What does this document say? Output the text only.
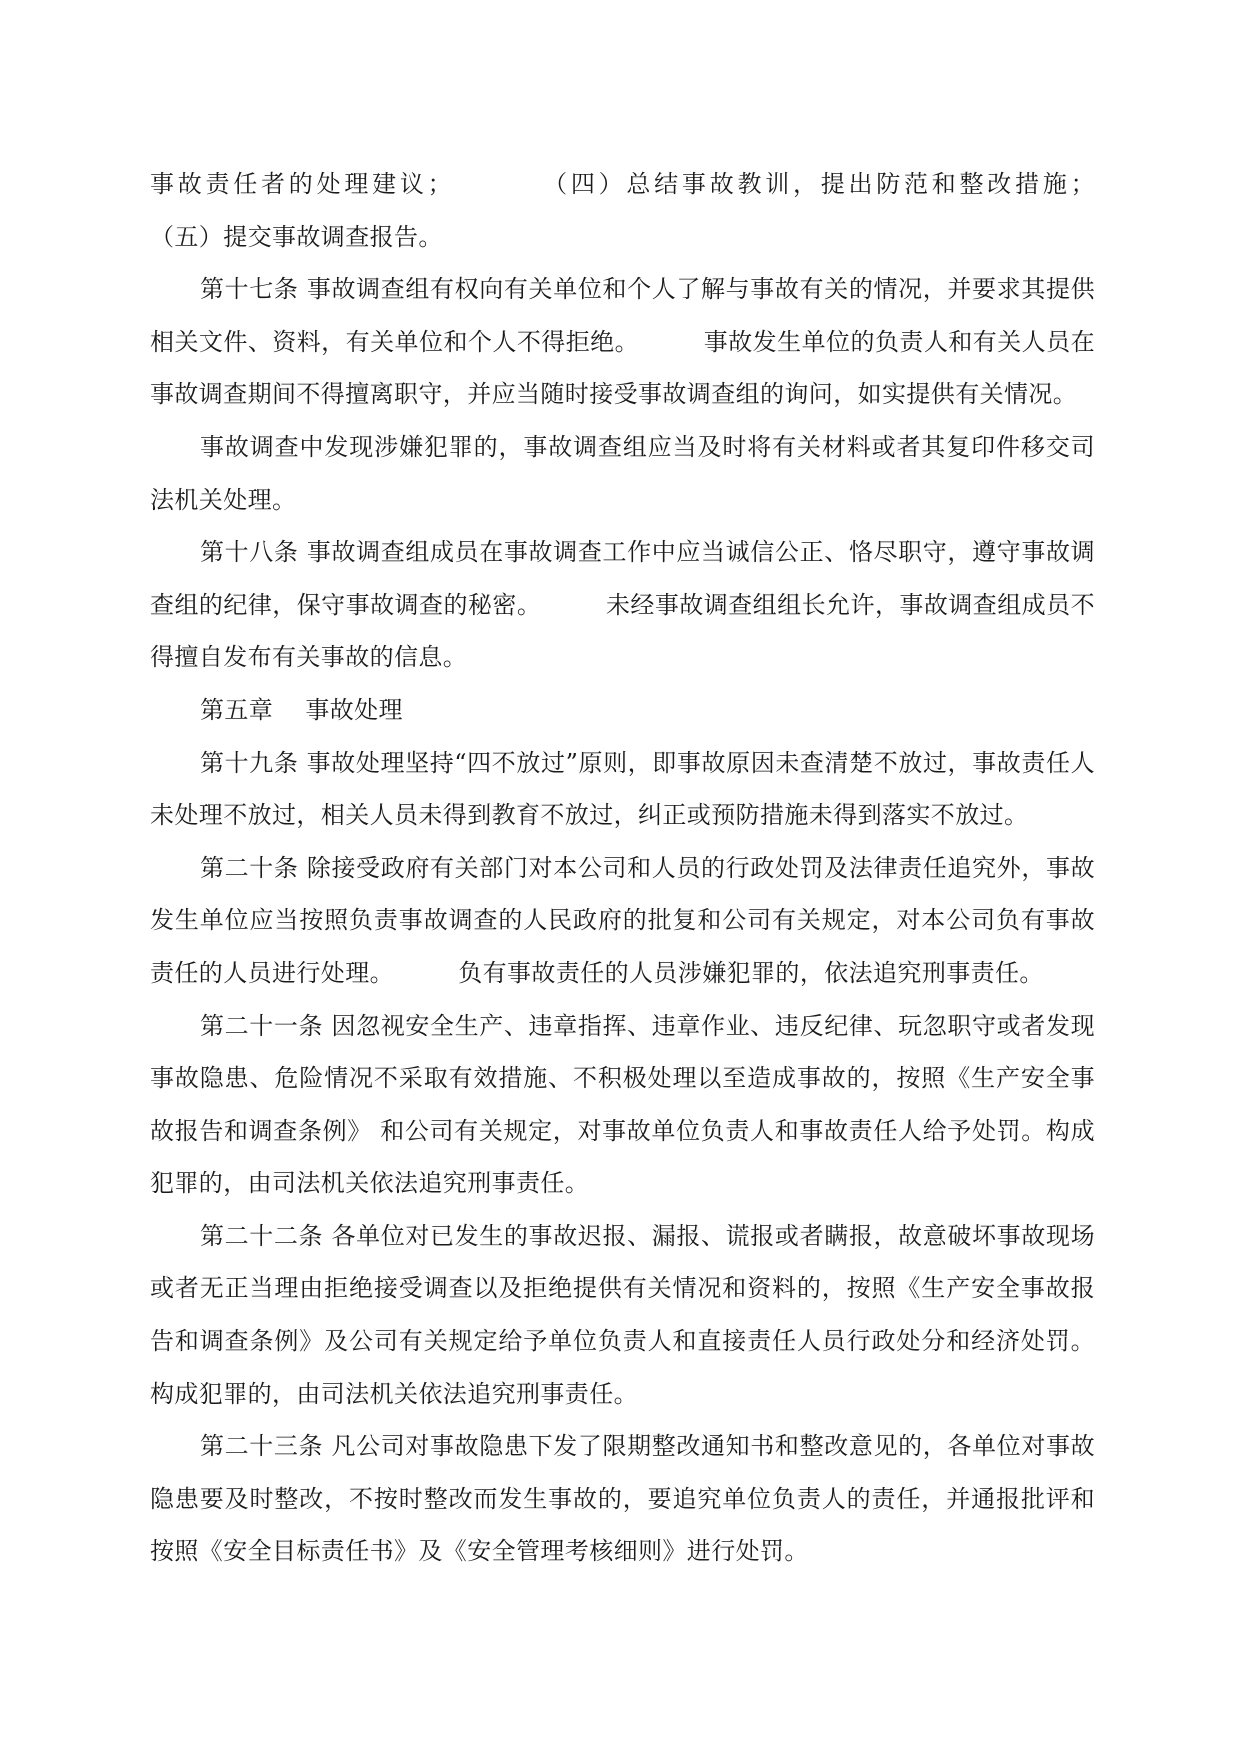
事故责任者的处理建议；        （四）总结事故教训，提出防范和整改措施；        （五）提交事故调查报告。

第十七条 事故调查组有权向有关单位和个人了解与事故有关的情况，并要求其提供相关文件、资料，有关单位和个人不得拒绝。        事故发生单位的负责人和有关人员在事故调查期间不得擅离职守，并应当随时接受事故调查组的询问，如实提供有关情况。

事故调查中发现涉嫌犯罪的，事故调查组应当及时将有关材料或者其复印件移交司法机关处理。

第十八条 事故调查组成员在事故调查工作中应当诚信公正、恪尽职守，遵守事故调查组的纪律，保守事故调查的秘密。        未经事故调查组组长允许，事故调查组成员不得擅自发布有关事故的信息。

第五章    事故处理

第十九条 事故处理坚持“四不放过”原则，即事故原因未查清楚不放过，事故责任人未处理不放过，相关人员未得到教育不放过，纠正或预防措施未得到落实不放过。

第二十条 除接受政府有关部门对本公司和人员的行政处罚及法律责任追究外，事故发生单位应当按照负责事故调查的人民政府的批复和公司有关规定，对本公司负有事故责任的人员进行处理。        负有事故责任的人员涉嫌犯罪的，依法追究刑事责任。

第二十一条 因忽视安全生产、违章指挥、违章作业、违反纪律、玩忽职守或者发现事故隐患、危险情况不采取有效措施、不积极处理以至造成事故的，按照《生产安全事故报告和调查条例》 和公司有关规定，对事故单位负责人和事故责任人给予处罚。构成犯罪的，由司法机关依法追究刑事责任。

第二十二条 各单位对已发生的事故迟报、漏报、谎报或者瞒报，故意破坏事故现场或者无正当理由拒绝接受调查以及拒绝提供有关情况和资料的，按照《生产安全事故报告和调查条例》及公司有关规定给予单位负责人和直接责任人员行政处分和经济处罚。构成犯罪的，由司法机关依法追究刑事责任。

第二十三条 凡公司对事故隐患下发了限期整改通知书和整改意见的，各单位对事故隐患要及时整改，不按时整改而发生事故的，要追究单位负责人的责任，并通报批评和按照《安全目标责任书》及《安全管理考核细则》进行处罚。
